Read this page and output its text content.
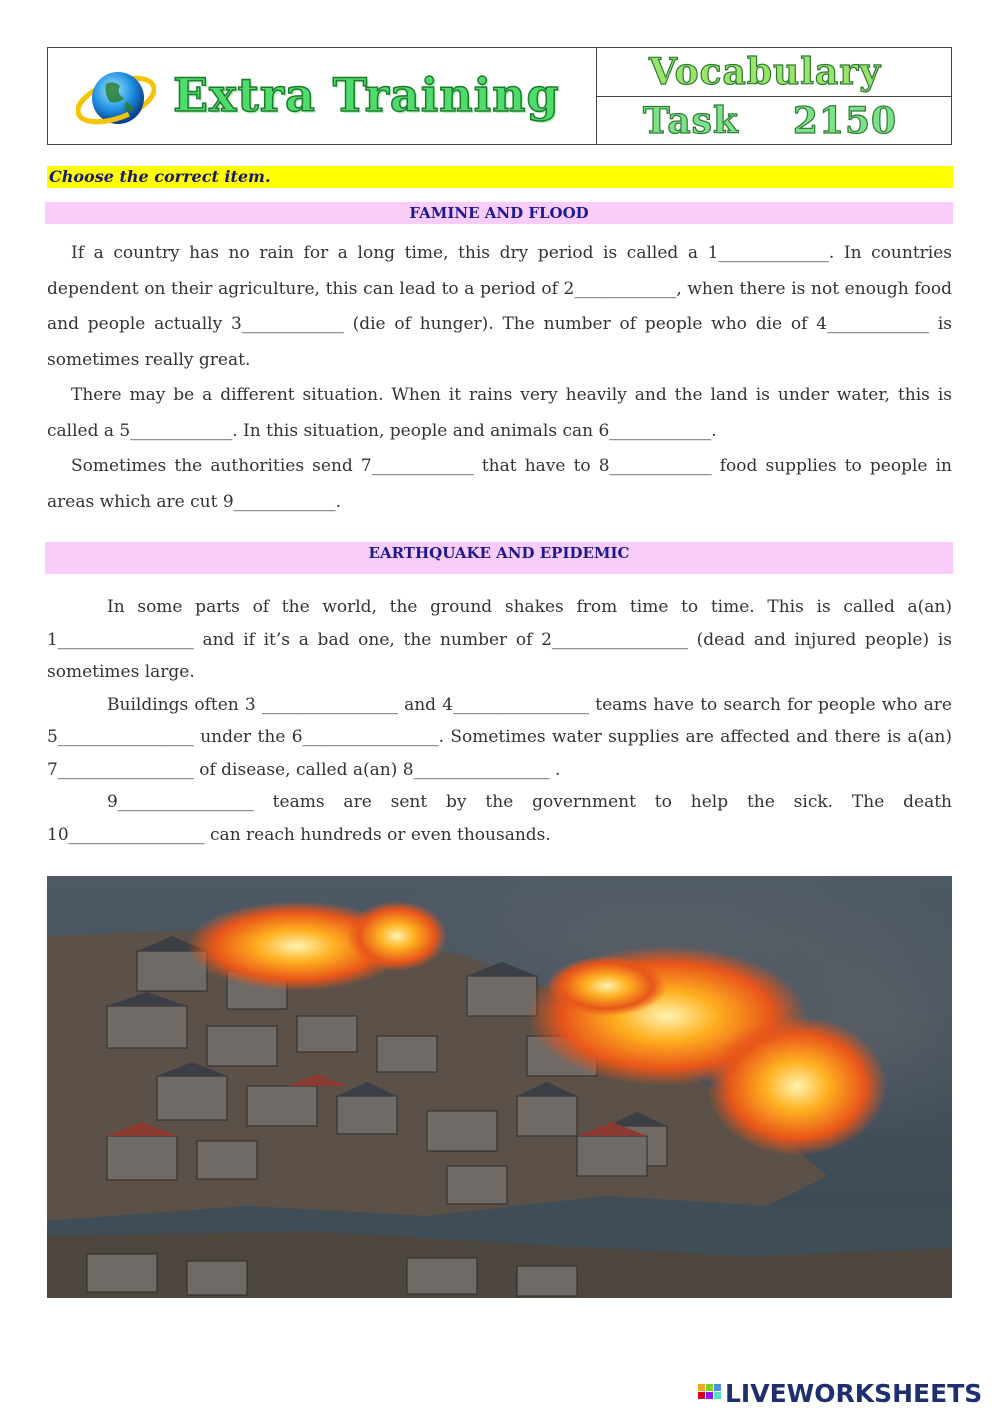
Extra Training Vocabulary
Task 2150
Choose the correct item.
FAMINE AND FLOOD

If a country has no rain for a long time, this dry period is called a 1_____________. In countries dependent on their agriculture, this can lead to a period of 2____________, when there is not enough food and people actually 3____________ (die of hunger). The number of people who die of 4____________ is sometimes really great.

There may be a different situation. When it rains very heavily and the land is under water, this is called a 5____________. In this situation, people and animals can 6____________.

Sometimes the authorities send 7____________ that have to 8____________ food supplies to people in areas which are cut 9____________.

EARTHQUAKE AND EPIDEMIC

In some parts of the world, the ground shakes from time to time. This is called a(an) 1________________ and if it’s a bad one, the number of 2________________ (dead and injured people) is sometimes large.

Buildings often 3 ________________ and 4________________ teams have to search for people who are 5________________ under the 6________________. Sometimes water supplies are affected and there is a(an) 7________________ of disease, called a(an) 8________________ .

9________________ teams are sent by the government to help the sick. The death 10________________ can reach hundreds or even thousands.

LIVEWORKSHEETS
